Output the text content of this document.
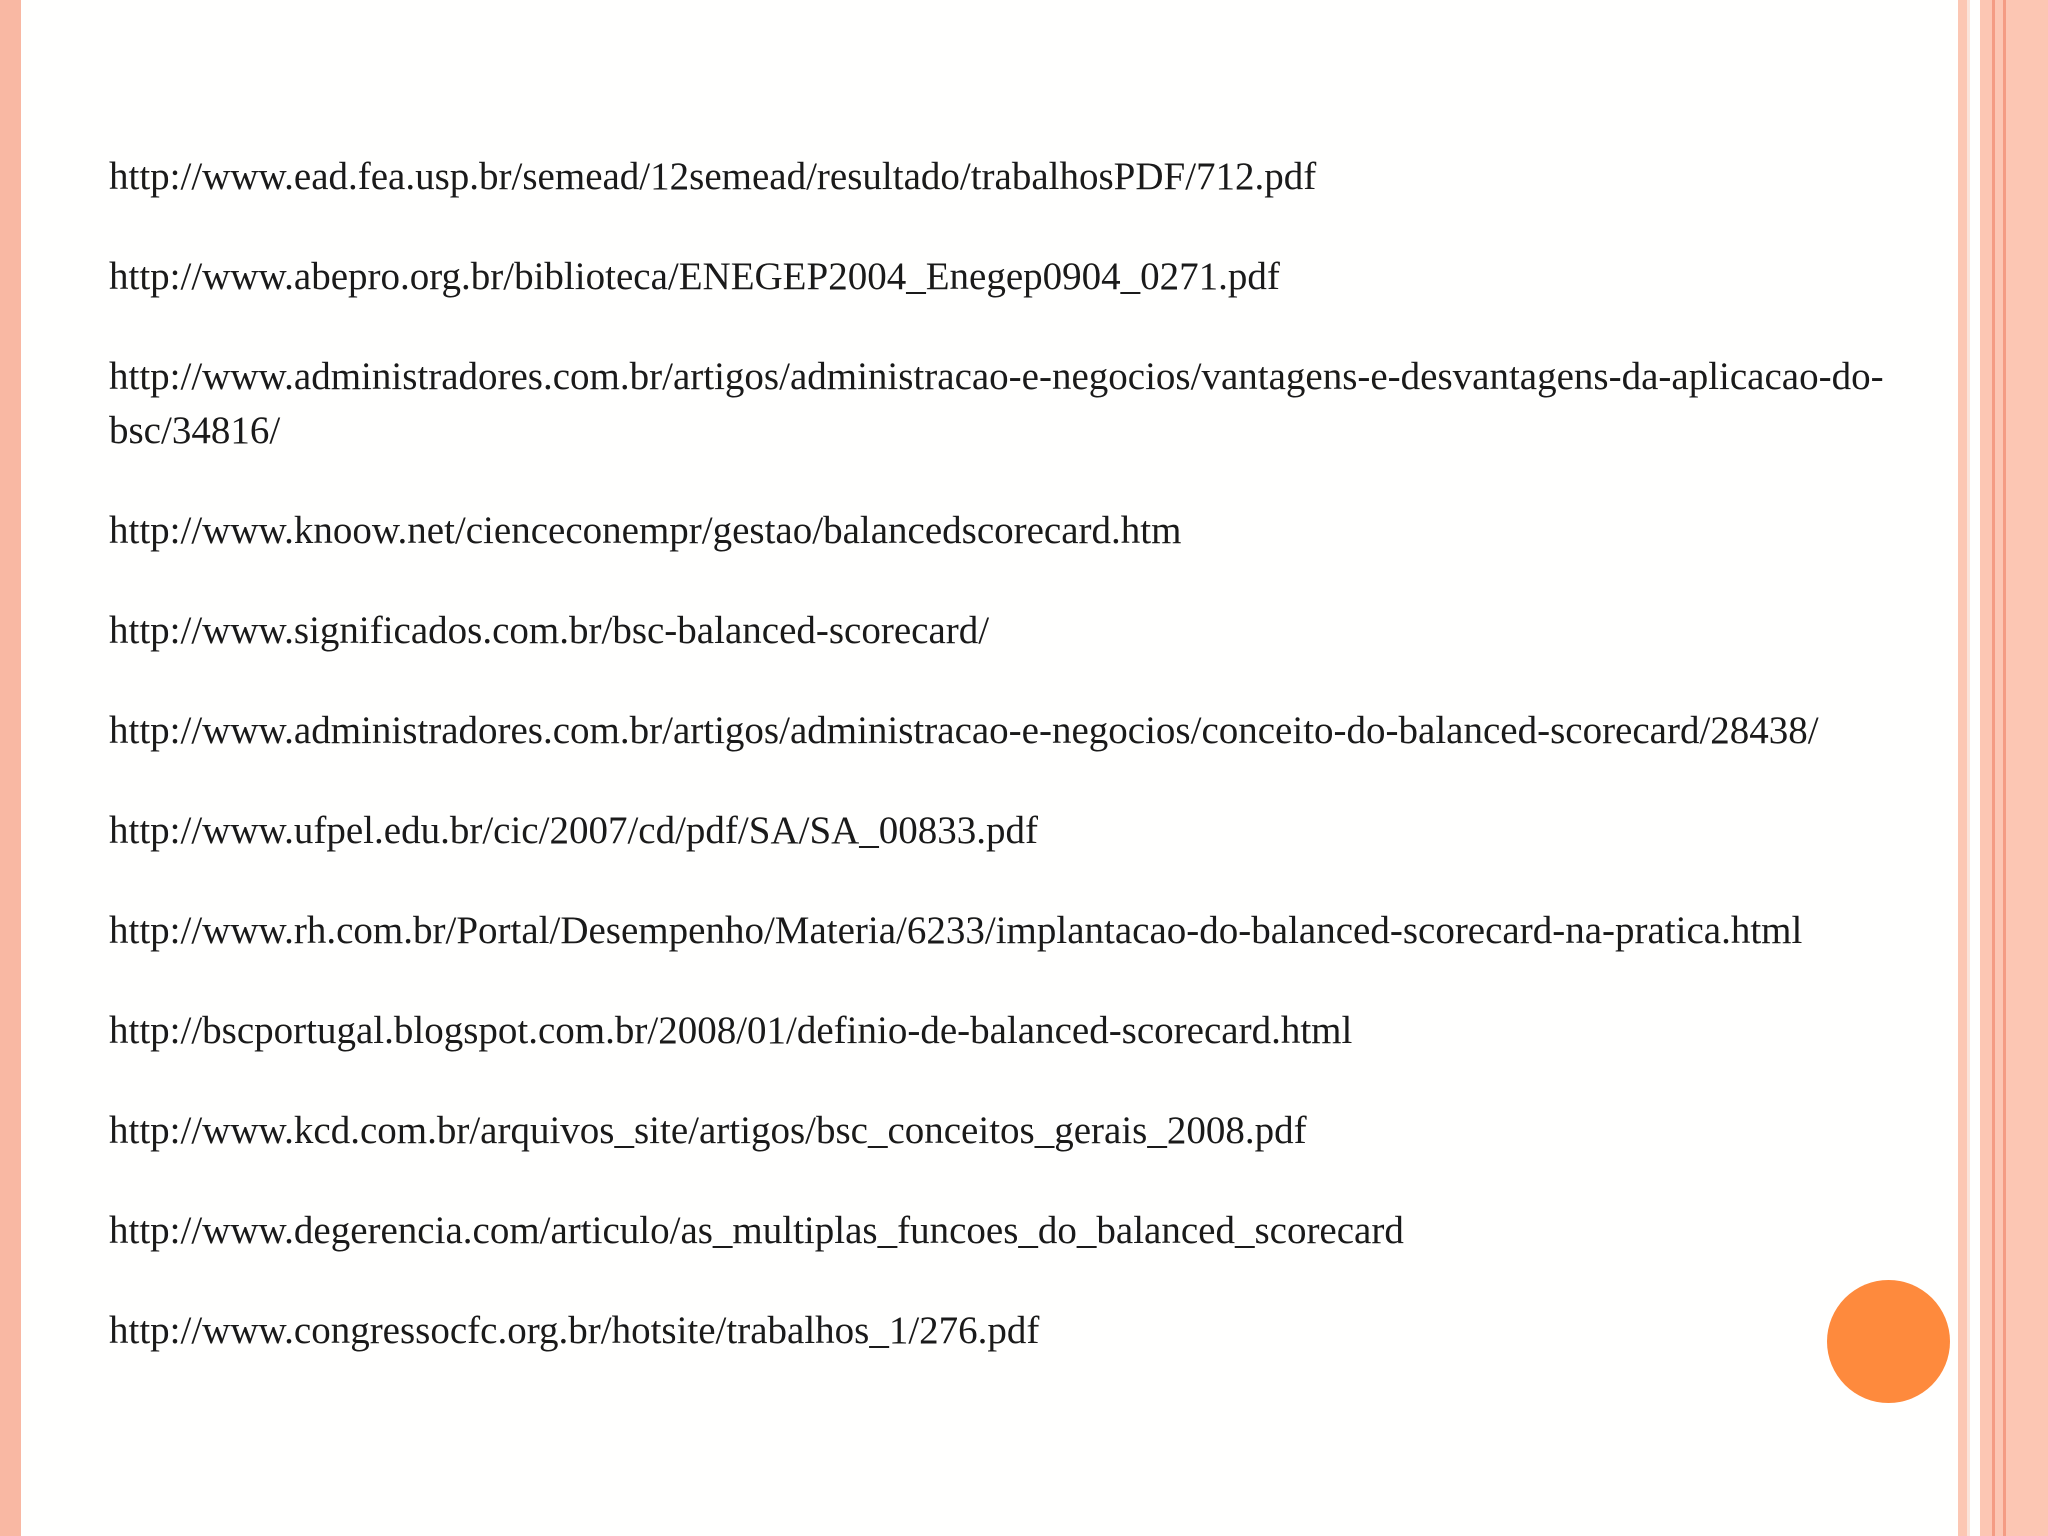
http://www.ead.fea.usp.br/semead/12semead/resultado/trabalhosPDF/712.pdf
http://www.abepro.org.br/biblioteca/ENEGEP2004_Enegep0904_0271.pdf
http://www.administradores.com.br/artigos/administracao-e-negocios/vantagens-e-desvantagens-da-aplicacao-do-bsc/34816/
http://www.knoow.net/cienceconempr/gestao/balancedscorecard.htm
http://www.significados.com.br/bsc-balanced-scorecard/
http://www.administradores.com.br/artigos/administracao-e-negocios/conceito-do-balanced-scorecard/28438/
http://www.ufpel.edu.br/cic/2007/cd/pdf/SA/SA_00833.pdf
http://www.rh.com.br/Portal/Desempenho/Materia/6233/implantacao-do-balanced-scorecard-na-pratica.html
http://bscportugal.blogspot.com.br/2008/01/definio-de-balanced-scorecard.html
http://www.kcd.com.br/arquivos_site/artigos/bsc_conceitos_gerais_2008.pdf
http://www.degerencia.com/articulo/as_multiplas_funcoes_do_balanced_scorecard
http://www.congressocfc.org.br/hotsite/trabalhos_1/276.pdf
